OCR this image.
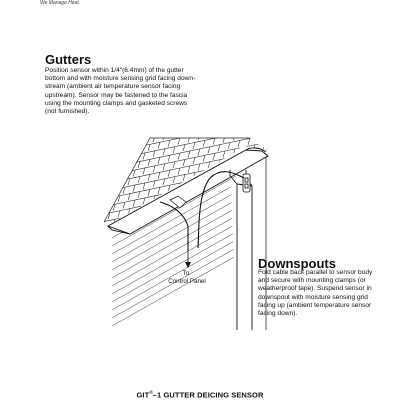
We Manage Heat.
Gutters
Position sensor within 1/4"(6.4mm) of the gutter
bottom and with moisture sensing grid facing down-
stream (ambient air temperature sensor facing
upstream). Sensor may be fastened to the fascia
using the mounting clamps and gasketed screws
(not furnished).
To
Control Panel
Downspouts
Fold cable back parallel to sensor body
and secure with mounting clamps (or
weatherproof tape). Suspend sensor in
downspout with moisture sensing grid
facing up (ambient temperature sensor
facing down).
GIT®–1 GUTTER DEICING SENSOR
